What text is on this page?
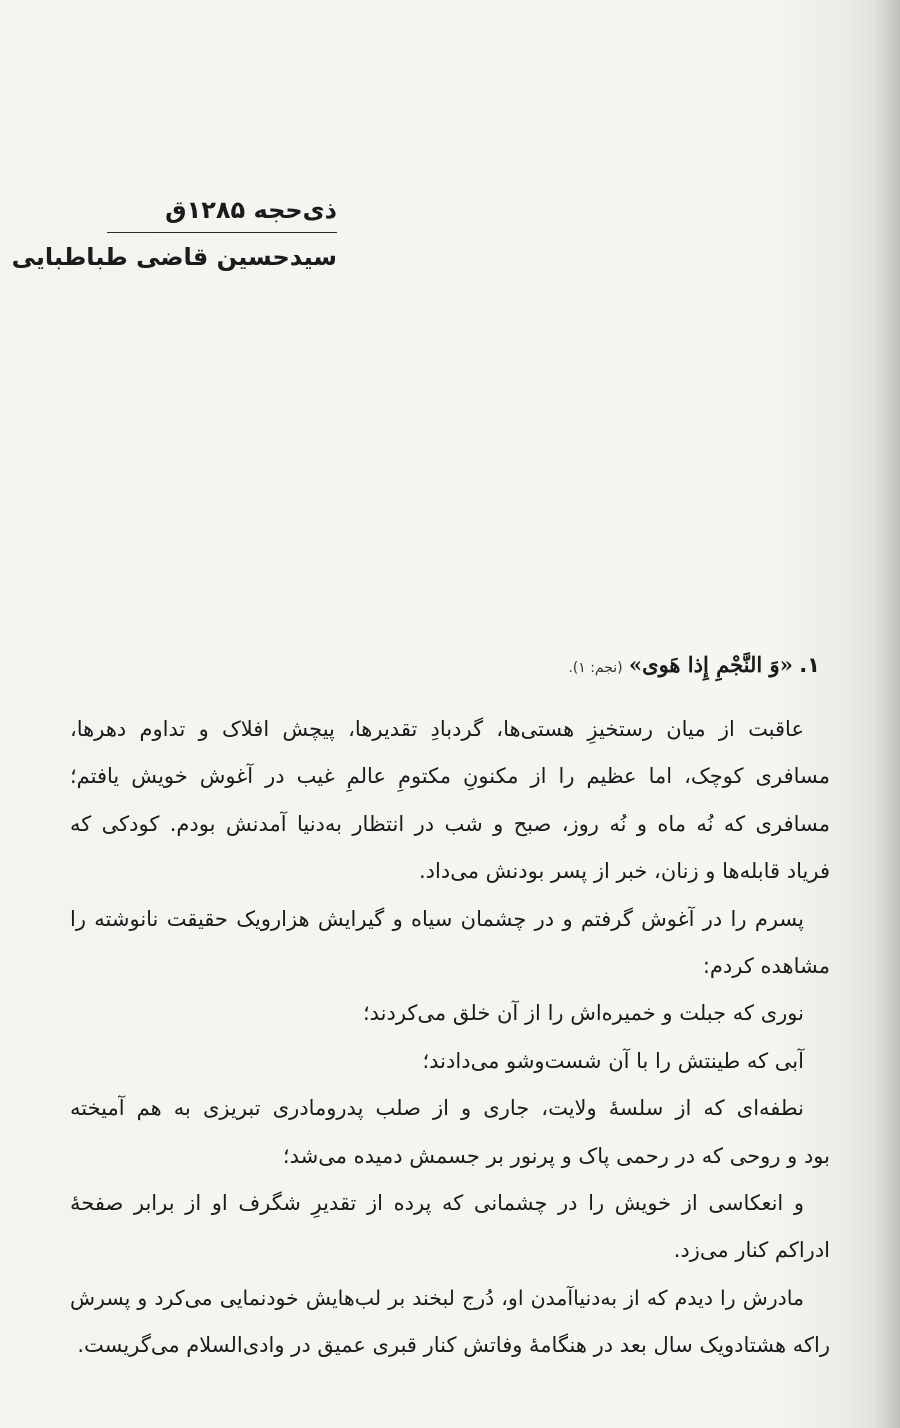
ذی‌حجه ۱۲۸۵ق
سیدحسین قاضی طباطبایی
۱. «وَ النَّجْمِ إِذا هَوی» (نجم: ۱).
عاقبت از میان رستخیزِ هستی‌ها، گردبادِ تقدیرها، پیچش افلاک و تداوم دهرها،
مسافری کوچک، اما عظیم را از مکنونِ مکتومِ عالمِ غیب در آغوش خویش یافتم؛
مسافری که نُه ماه و نُه روز، صبح و شب در انتظار به‌دنیا آمدنش بودم. کودکی که
فریاد قابله‌ها و زنان، خبر از پسر بودنش می‌داد.
پسرم را در آغوش گرفتم و در چشمان سیاه و گیرایش هزارویک حقیقت نانوشته را
مشاهده کردم:
نوری که جبلت و خمیره‌اش را از آن خلق می‌کردند؛
آبی که طینتش را با آن شست‌وشو می‌دادند؛
نطفه‌ای که از سلسهٔ ولایت، جاری و از صلب پدرومادری تبریزی به هم آمیخته
بود و روحی که در رحمی پاک و پرنور بر جسمش دمیده می‌شد؛
و انعکاسی از خویش را در چشمانی که پرده از تقدیرِ شگرف او از برابر صفحهٔ
ادراکم کنار می‌زد.
مادرش را دیدم که از به‌دنیاآمدن او، دُرج لبخند بر لب‌هایش خودنمایی می‌کرد و پسرش
راکه هشتادویک سال بعد در هنگامهٔ وفاتش کنار قبری عمیق در وادی‌السلام می‌گریست.
